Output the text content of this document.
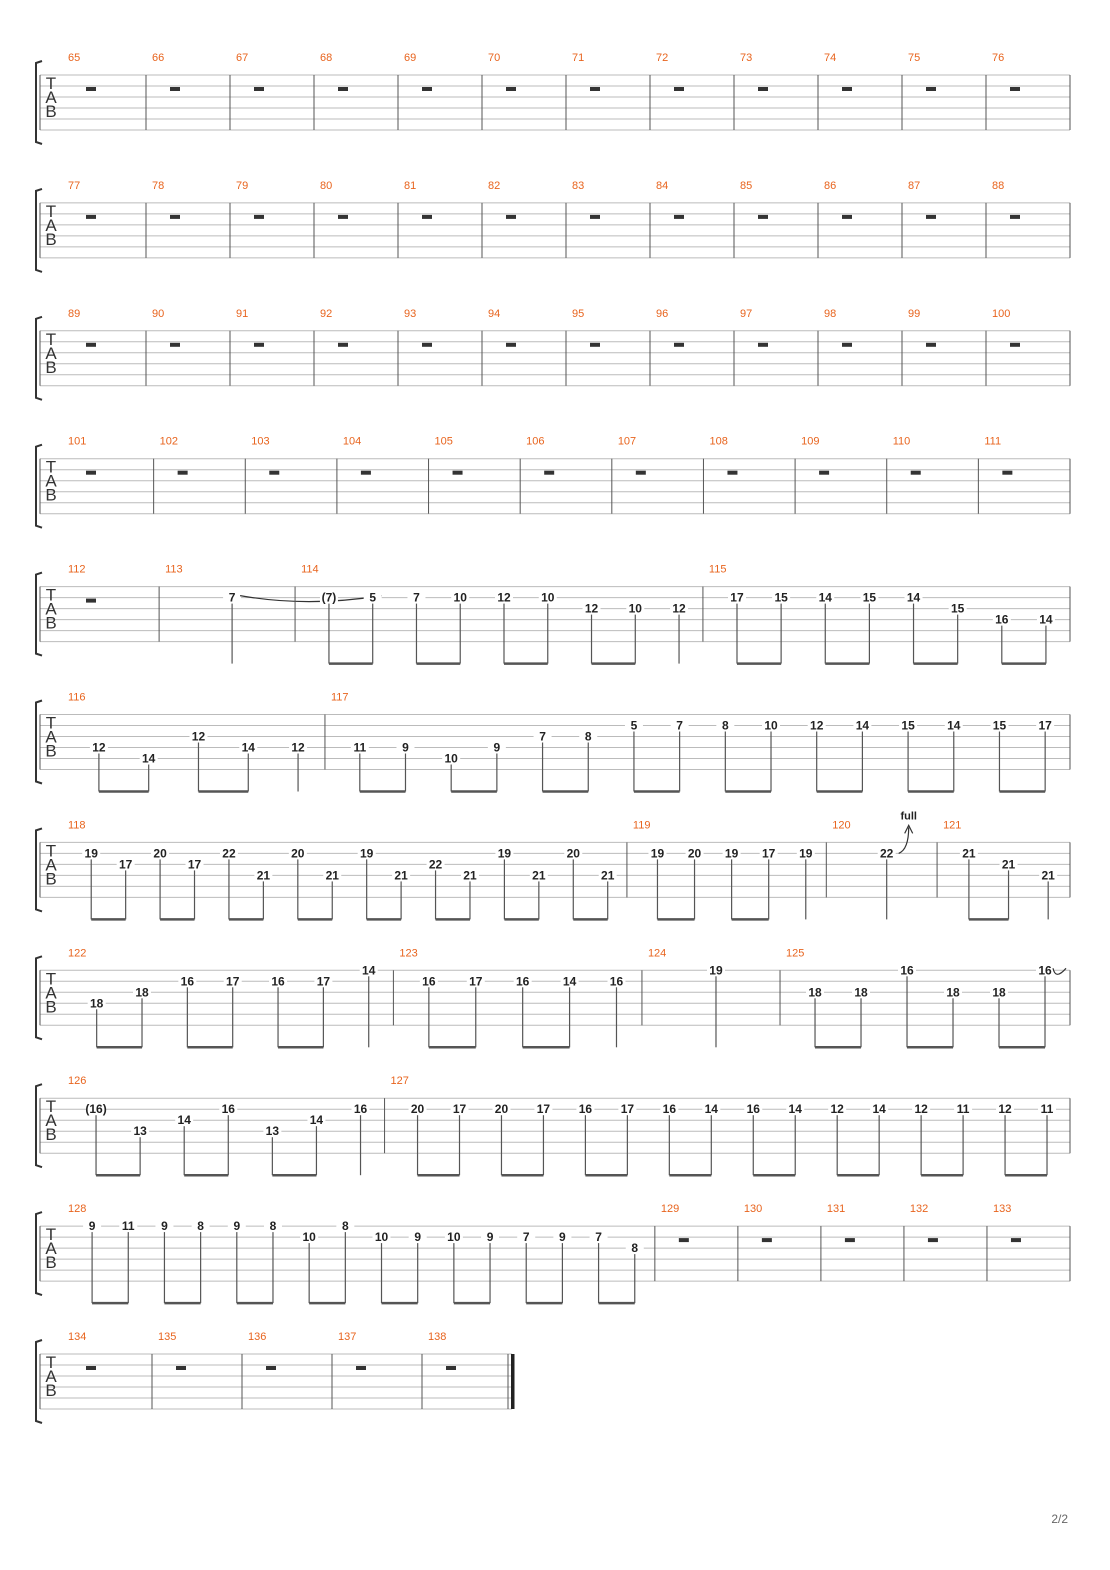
T
A
B
65	66	67	68	69	70	71	72	73	74	75	76
T
A
B
77	78	79	80	81	82	83	84	85	86	87	88
T
A
B
89	90	91	92	93	94	95	96	97	98	99	100
T
A
B
101	102	103	104	105	106	107	108	109	110	111
T
A
B
112	113
7
114
(7)	5	7	10	12	10
12	10	12
115
17	15	14	15	14
15
16	14
T
A
B
116
12
14
12
14	12
117
11	9
10
9
7	8
5	7	8	10	12	14	15	14	15	17
T
A
B
118
19
17
20
17
22
21
20
21
19
21
22
21
19
21
20
21
119
19 20 19 17 19
120
22
full
121
21
21
21
T
A
B
122
18
18
16	17	16	17
14
123
16	17	16	14	16
124
19
125
18	18
16
18	18
16
T
A
B
126
(16)
13
14
16
13
14
16
127
20 17 20 17 16 17 16 14 16 14 12 14 12 11 12 11
T
A
B
128
9 11 9 8 9 8
10
8
10 9 10 9 7 9 7
8
129	130	131	132	133
T
A
B
134	135	136	137	138
2/2
